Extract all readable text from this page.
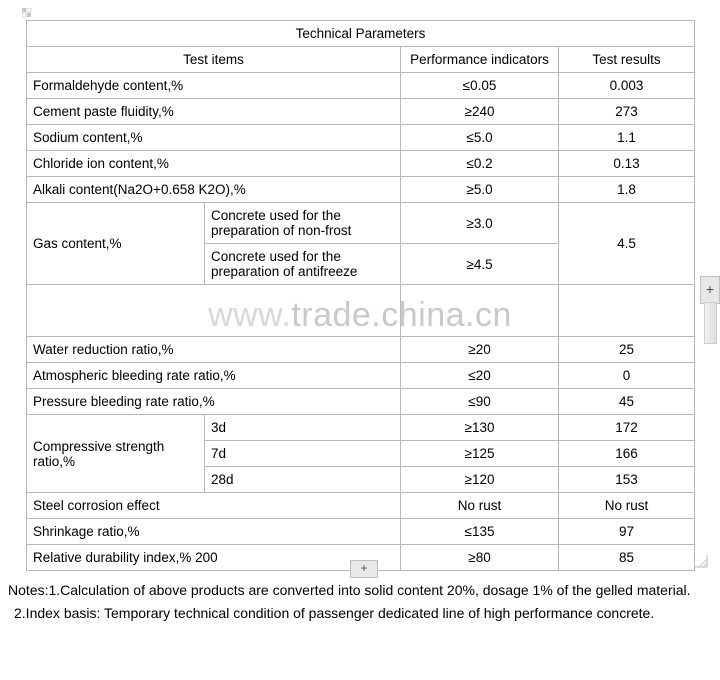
Technical Parameters			
Test items		Performance indicators	Test results
Formaldehyde content,%		≤0.05	0.003
Cement paste fluidity,%		≥240	273
Sodium content,%		≤5.0	1.1
Chloride ion content,%		≤0.2	0.13
Alkali content(Na2O+0.658 K2O),%		≥5.0	1.8
Gas content,%	Concrete used for the preparation of non-frost	≥3.0	4.5
	Concrete used for the preparation of antifreeze	≥4.5	

Water reduction ratio,%		≥20	25
Atmospheric bleeding rate ratio,%		≤20	0
Pressure bleeding rate ratio,%		≤90	45
Compressive strength ratio,%	3d	≥130	172
	7d	≥125	166
	28d	≥120	153
Steel corrosion effect		No rust	No rust
Shrinkage ratio,%		≤135	97
Relative durability index,% 200		≥80	85
www.trade.china.cn
+
+

Notes:1.Calculation of above products are converted into solid content 20%, dosage 1% of the gelled material.

2.Index basis: Temporary technical condition of passenger dedicated line of high performance concrete.
